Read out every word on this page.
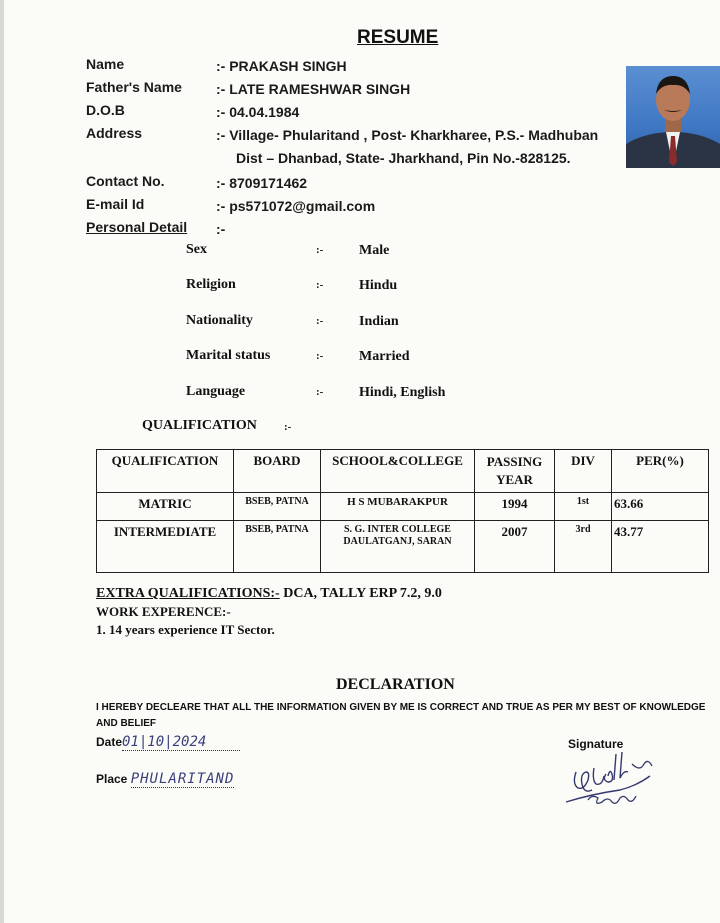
RESUME
Name	:- PRAKASH SINGH
Father's Name :- LATE RAMESHWAR SINGH
D.O.B	:- 04.04.1984
Address	:- Village- Phularitand , Post- Kharkharee, P.S.- Madhuban
Dist – Dhanbad, State- Jharkhand, Pin No.-828125.
Contact No.	:- 8709171462
E-mail Id	:- ps571072@gmail.com
Personal Detail :-
Sex	:-	Male
Religion	:-	Hindu
Nationality	:-	Indian
Marital status	:-	Married
Language	:-	Hindi, English
QUALIFICATION :-
QUALIFICATION	BOARD	SCHOOL&COLLEGE	PASSING YEAR	DIV	PER(%)
MATRIC	BSEB, PATNA	H S MUBARAKPUR	1994	1st	63.66
INTERMEDIATE	BSEB, PATNA	S. G. INTER COLLEGE DAULATGANJ, SARAN	2007	3rd	43.77
EXTRA QUALIFICATIONS:- DCA, TALLY ERP 7.2, 9.0
WORK EXPERENCE:-
1. 14 years experience IT Sector.
DECLARATION
I HEREBY DECLEARE THAT ALL THE INFORMATION GIVEN BY ME IS CORRECT AND TRUE AS PER MY BEST OF KNOWLEDGE AND BELIEF
Date01|10|2024
Place PHULARITAND
Signature
